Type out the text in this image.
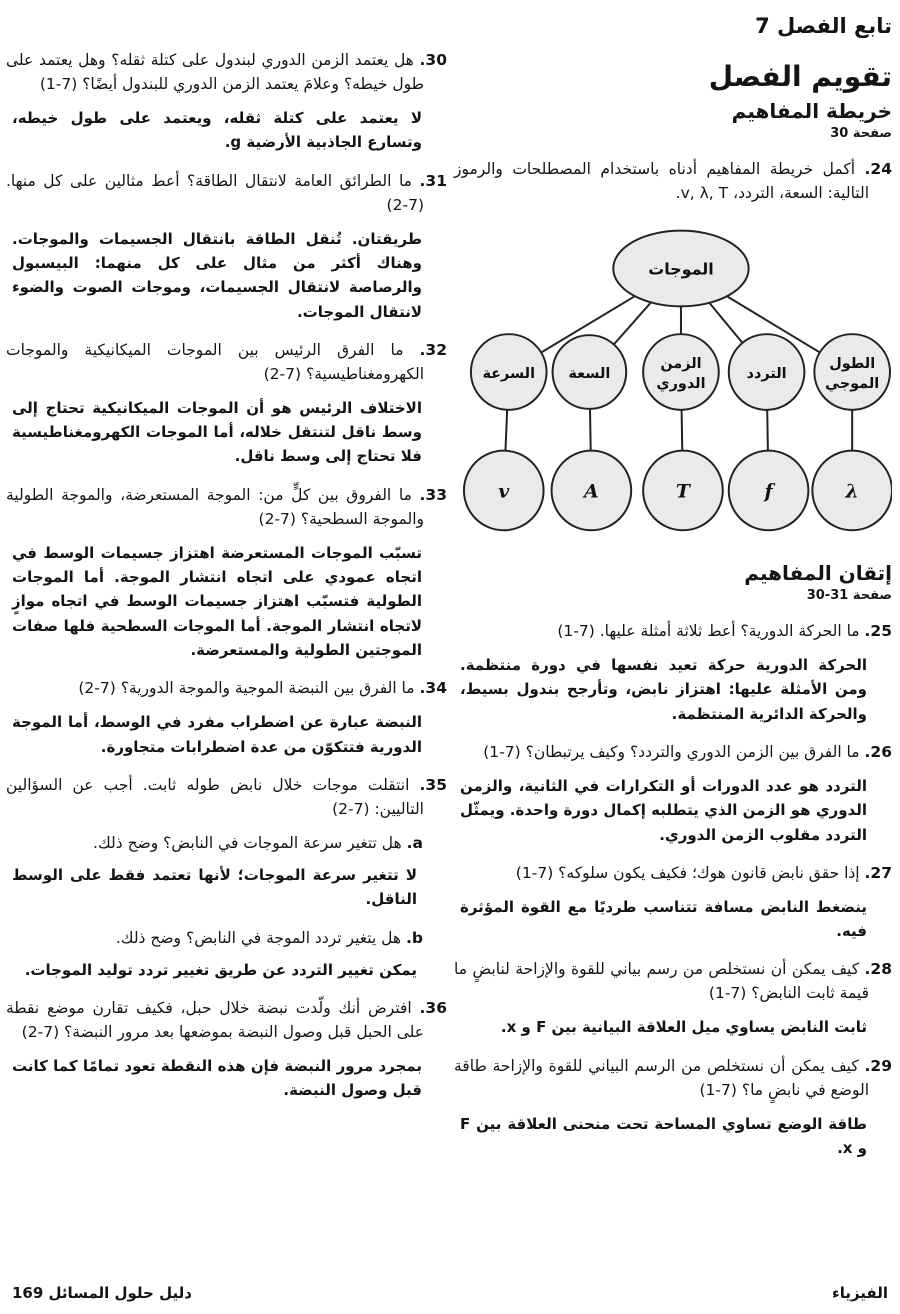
تابع الفصل 7
تقويم الفصل
خريطة المفاهيم
صفحة 30

24. أكمل خريطة المفاهيم أدناه باستخدام المصطلحات والرموز التالية: السعة، التردد، v, λ, T.

الموجات
السرعة السعة
الزمن
الدوري
التردد
الطول
الموجي
v	A	T	f	λ
إتقان المفاهيم
صفحة 31-30

25. ما الحركة الدورية؟ أعط ثلاثة أمثلة عليها. (7-1)

الحركة الدورية حركة تعيد نفسها في دورة منتظمة. ومن الأمثلة عليها: اهتزاز نابض، وتأرجح بندول بسيط، والحركة الدائرية المنتظمة.

26. ما الفرق بين الزمن الدوري والتردد؟ وكيف يرتبطان؟ (7-1)

التردد هو عدد الدورات أو التكرارات في الثانية، والزمن الدوري هو الزمن الذي يتطلبه إكمال دورة واحدة. ويمثّل التردد مقلوب الزمن الدوري.

27. إذا حقق نابض قانون هوك؛ فكيف يكون سلوكه؟ (7-1)

ينضغط النابض مسافة تتناسب طرديًا مع القوة المؤثرة فيه.

28. كيف يمكن أن نستخلص من رسم بياني للقوة والإزاحة لنابضٍ ما قيمة ثابت النابض؟ (7-1)

ثابت النابض يساوي ميل العلاقة البيانية بين F و x.

29. كيف يمكن أن نستخلص من الرسم البياني للقوة والإزاحة طاقة الوضع في نابضٍ ما؟ (7-1)

طاقة الوضع تساوي المساحة تحت منحنى العلاقة بين F و x.

30. هل يعتمد الزمن الدوري لبندول على كتلة ثقله؟ وهل يعتمد على طول خيطه؟ وعلامَ يعتمد الزمن الدوري للبندول أيضًا؟ (7-1)

لا يعتمد على كتلة ثقله، ويعتمد على طول خيطه، وتسارع الجاذبية الأرضية g.

31. ما الطرائق العامة لانتقال الطاقة؟ أعط مثالين على كل منها. (7-2)

طريقتان. تُنقل الطاقة بانتقال الجسيمات والموجات. وهناك أكثر من مثال على كل منهما: البيسبول والرصاصة لانتقال الجسيمات، وموجات الصوت والضوء لانتقال الموجات.

32. ما الفرق الرئيس بين الموجات الميكانيكية والموجات الكهرومغناطيسية؟ (7-2)

الاختلاف الرئيس هو أن الموجات الميكانيكية تحتاج إلى وسط ناقل لتنتقل خلاله، أما الموجات الكهرومغناطيسية فلا تحتاج إلى وسط ناقل.

33. ما الفروق بين كلٍّ من: الموجة المستعرضة، والموجة الطولية والموجة السطحية؟ (7-2)

تسبّب الموجات المستعرضة اهتزاز جسيمات الوسط في اتجاه عمودي على اتجاه انتشار الموجة. أما الموجات الطولية فتسبّب اهتزاز جسيمات الوسط في اتجاه موازٍ لاتجاه انتشار الموجة. أما الموجات السطحية فلها صفات الموجتين الطولية والمستعرضة.

34. ما الفرق بين النبضة الموجية والموجة الدورية؟ (7-2)

النبضة عبارة عن اضطراب مفرد في الوسط، أما الموجة الدورية فتتكوّن من عدة اضطرابات متجاورة.

35. انتقلت موجات خلال نابض طوله ثابت. أجب عن السؤالين التاليين: (7-2)

a. هل تتغير سرعة الموجات في النابض؟ وضح ذلك.

لا تتغير سرعة الموجات؛ لأنها تعتمد فقط على الوسط الناقل.

b. هل يتغير تردد الموجة في النابض؟ وضح ذلك.

يمكن تغيير التردد عن طريق تغيير تردد توليد الموجات.

36. افترض أنك ولّدت نبضة خلال حبل، فكيف تقارن موضع نقطة على الحبل قبل وصول النبضة بموضعها بعد مرور النبضة؟ (7-2)

بمجرد مرور النبضة فإن هذه النقطة تعود تمامًا كما كانت قبل وصول النبضة.

دليل حلول المسائل 169	الفيزياء
